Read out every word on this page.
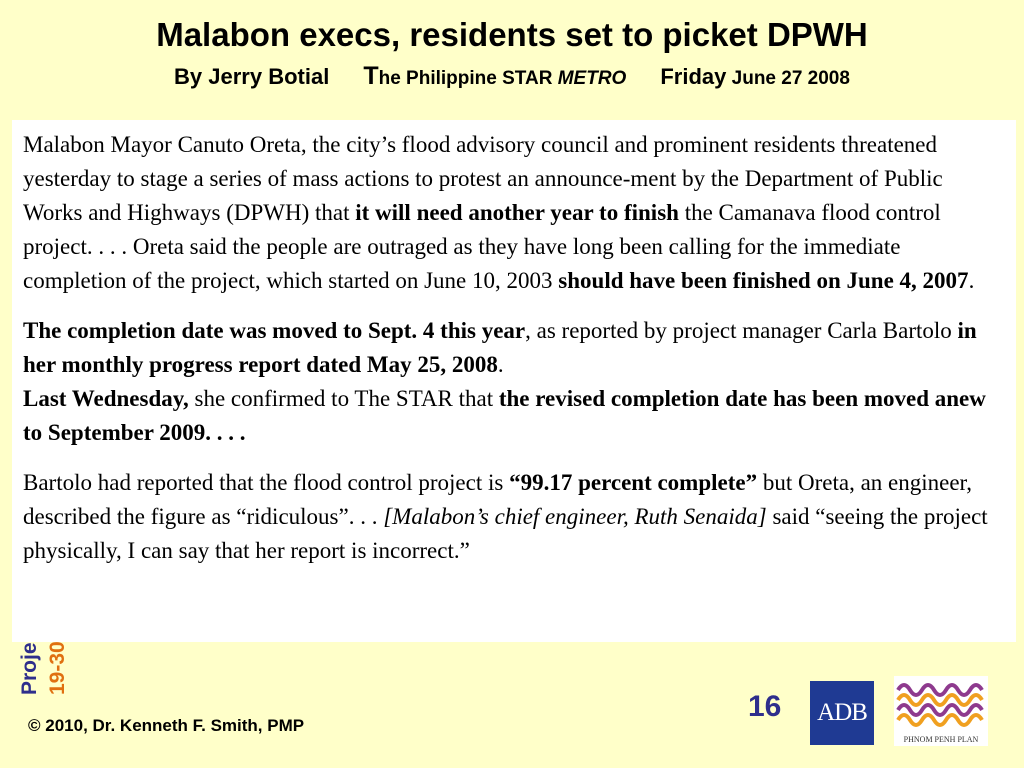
Malabon execs, residents set to picket DPWH
By Jerry Botial The Philippine STAR METRO Friday June 27 2008

Malabon Mayor Canuto Oreta, the city’s flood advisory council and prominent residents threatened yesterday to stage a series of mass actions to protest an announce-ment by the Department of Public Works and Highways (DPWH) that it will need another year to finish the Camanava flood control project. . . . Oreta said the people are outraged as they have long been calling for the immediate completion of the project, which started on June 10, 2003 should have been finished on June 4, 2007.

The completion date was moved to Sept. 4 this year, as reported by project manager Carla Bartolo in her monthly progress report dated May 25, 2008.

Last Wednesday, she confirmed to The STAR that the revised completion date has been moved anew to September 2009. . . .

Bartolo had reported that the flood control project is “99.17 percent complete” but Oreta, an engineer, described the figure as “ridiculous”. . . [Malabon’s chief engineer, Ruth Senaida] said “seeing the project physically, I can say that her report is incorrect.”

© 2010, Dr. Kenneth F. Smith, PMP
16 ADB
PHNOM PENH PLAN
